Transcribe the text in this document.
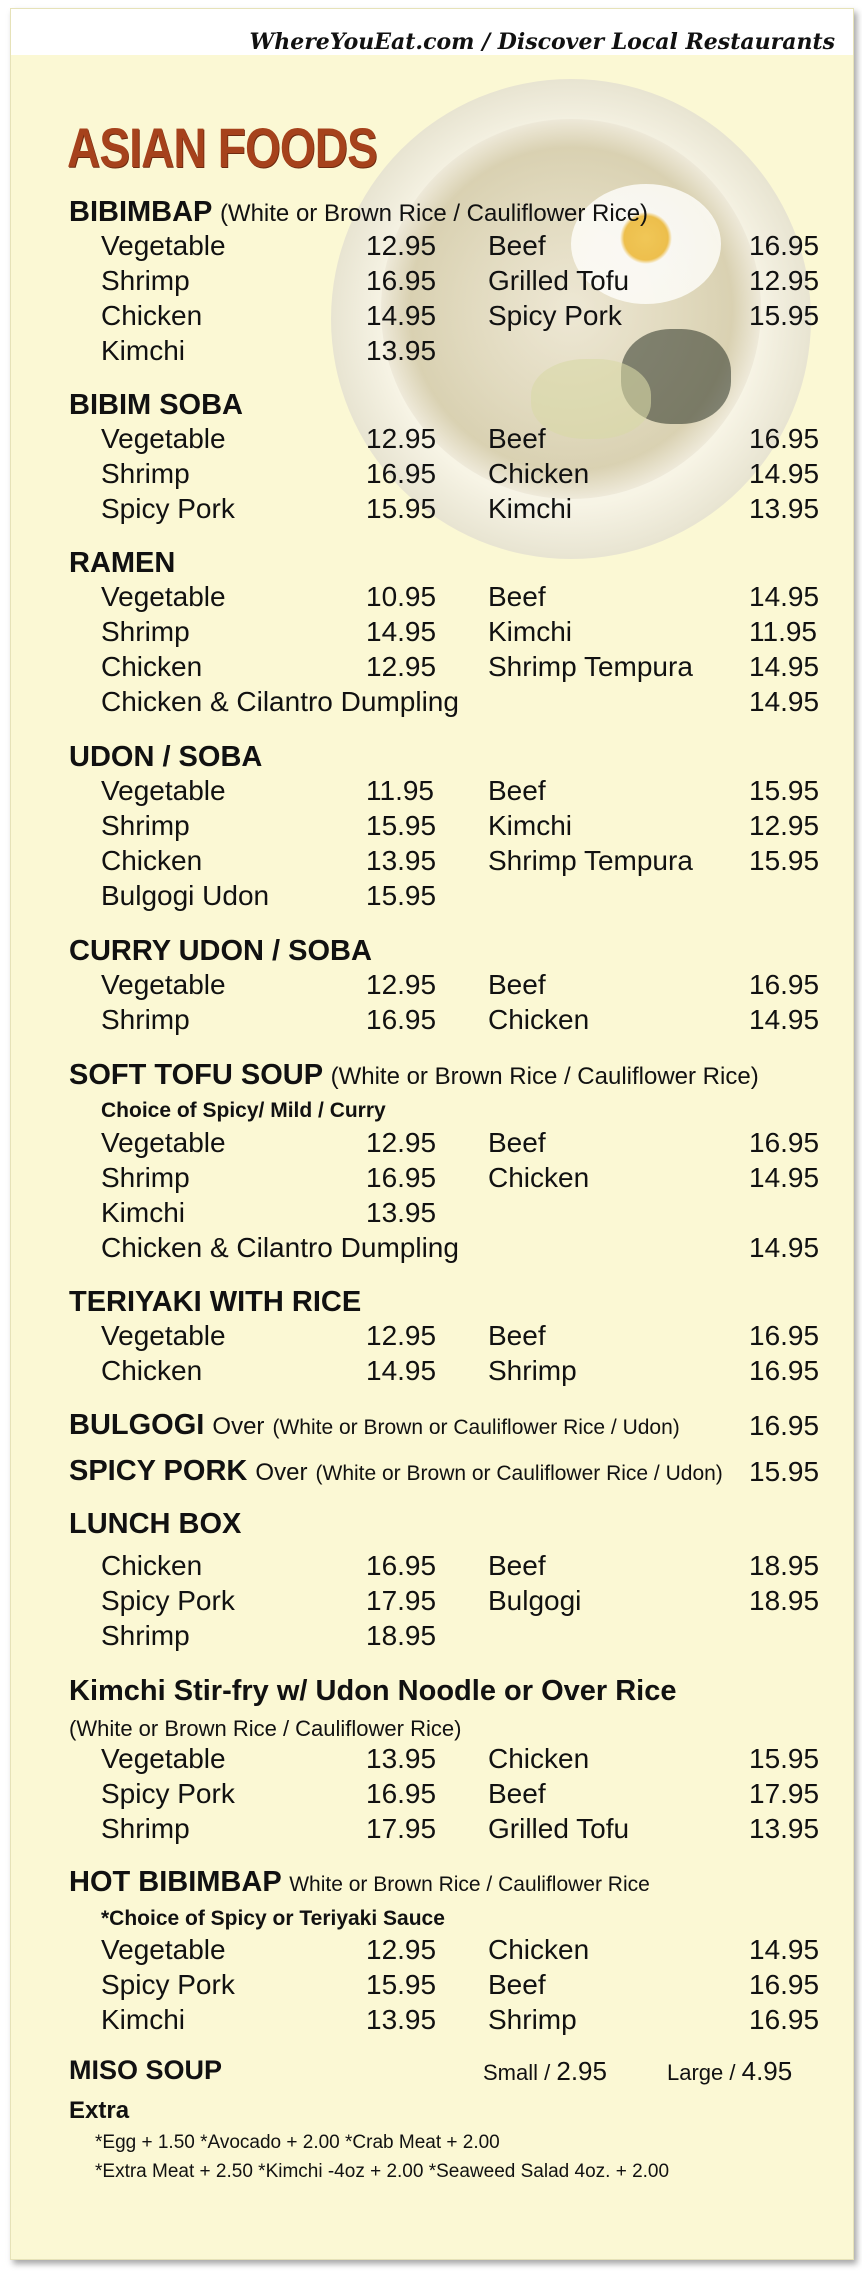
WhereYouEat.com / Discover Local Restaurants
ASIAN FOODS
BIBIMBAP (White or Brown Rice / Cauliflower Rice)
Vegetable	12.95 Beef	16.95
Shrimp	16.95 Grilled Tofu	12.95
Chicken	14.95 Spicy Pork	15.95
Kimchi	13.95
BIBIM SOBA
Vegetable	12.95 Beef	16.95
Shrimp	16.95 Chicken	14.95
Spicy Pork	15.95 Kimchi	13.95
RAMEN
Vegetable	10.95 Beef	14.95
Shrimp	14.95 Kimchi	11.95
Chicken	12.95 Shrimp Tempura 14.95
Chicken & Cilantro Dumpling	14.95
UDON / SOBA
Vegetable	11.95 Beef	15.95
Shrimp	15.95 Kimchi	12.95
Chicken	13.95 Shrimp Tempura 15.95
Bulgogi Udon	15.95
CURRY UDON / SOBA
Vegetable	12.95 Beef	16.95
Shrimp	16.95 Chicken	14.95
SOFT TOFU SOUP (White or Brown Rice / Cauliflower Rice)
Choice of Spicy/ Mild / Curry
Vegetable	12.95 Beef	16.95
Shrimp	16.95 Chicken	14.95
Kimchi	13.95
Chicken & Cilantro Dumpling	14.95
TERIYAKI WITH RICE
Vegetable	12.95 Beef	16.95
Chicken	14.95 Shrimp	16.95
BULGOGI Over (White or Brown or Cauliflower Rice / Udon) 16.95
SPICY PORK Over (White or Brown or Cauliflower Rice / Udon) 15.95
LUNCH BOX
Chicken	16.95 Beef	18.95
Spicy Pork	17.95 Bulgogi	18.95
Shrimp	18.95
Kimchi Stir-fry w/ Udon Noodle or Over Rice
(White or Brown Rice / Cauliflower Rice)
Vegetable	13.95 Chicken	15.95
Spicy Pork	16.95 Beef	17.95
Shrimp	17.95 Grilled Tofu	13.95
HOT BIBIMBAP White or Brown Rice / Cauliflower Rice
*Choice of Spicy or Teriyaki Sauce
Vegetable	12.95 Chicken	14.95
Spicy Pork	15.95 Beef	16.95
Kimchi	13.95 Shrimp	16.95
MISO SOUP	Small / 2.95	Large / 4.95
Extra
*Egg + 1.50 *Avocado + 2.00 *Crab Meat + 2.00
*Extra Meat + 2.50 *Kimchi -4oz + 2.00 *Seaweed Salad 4oz. + 2.00
